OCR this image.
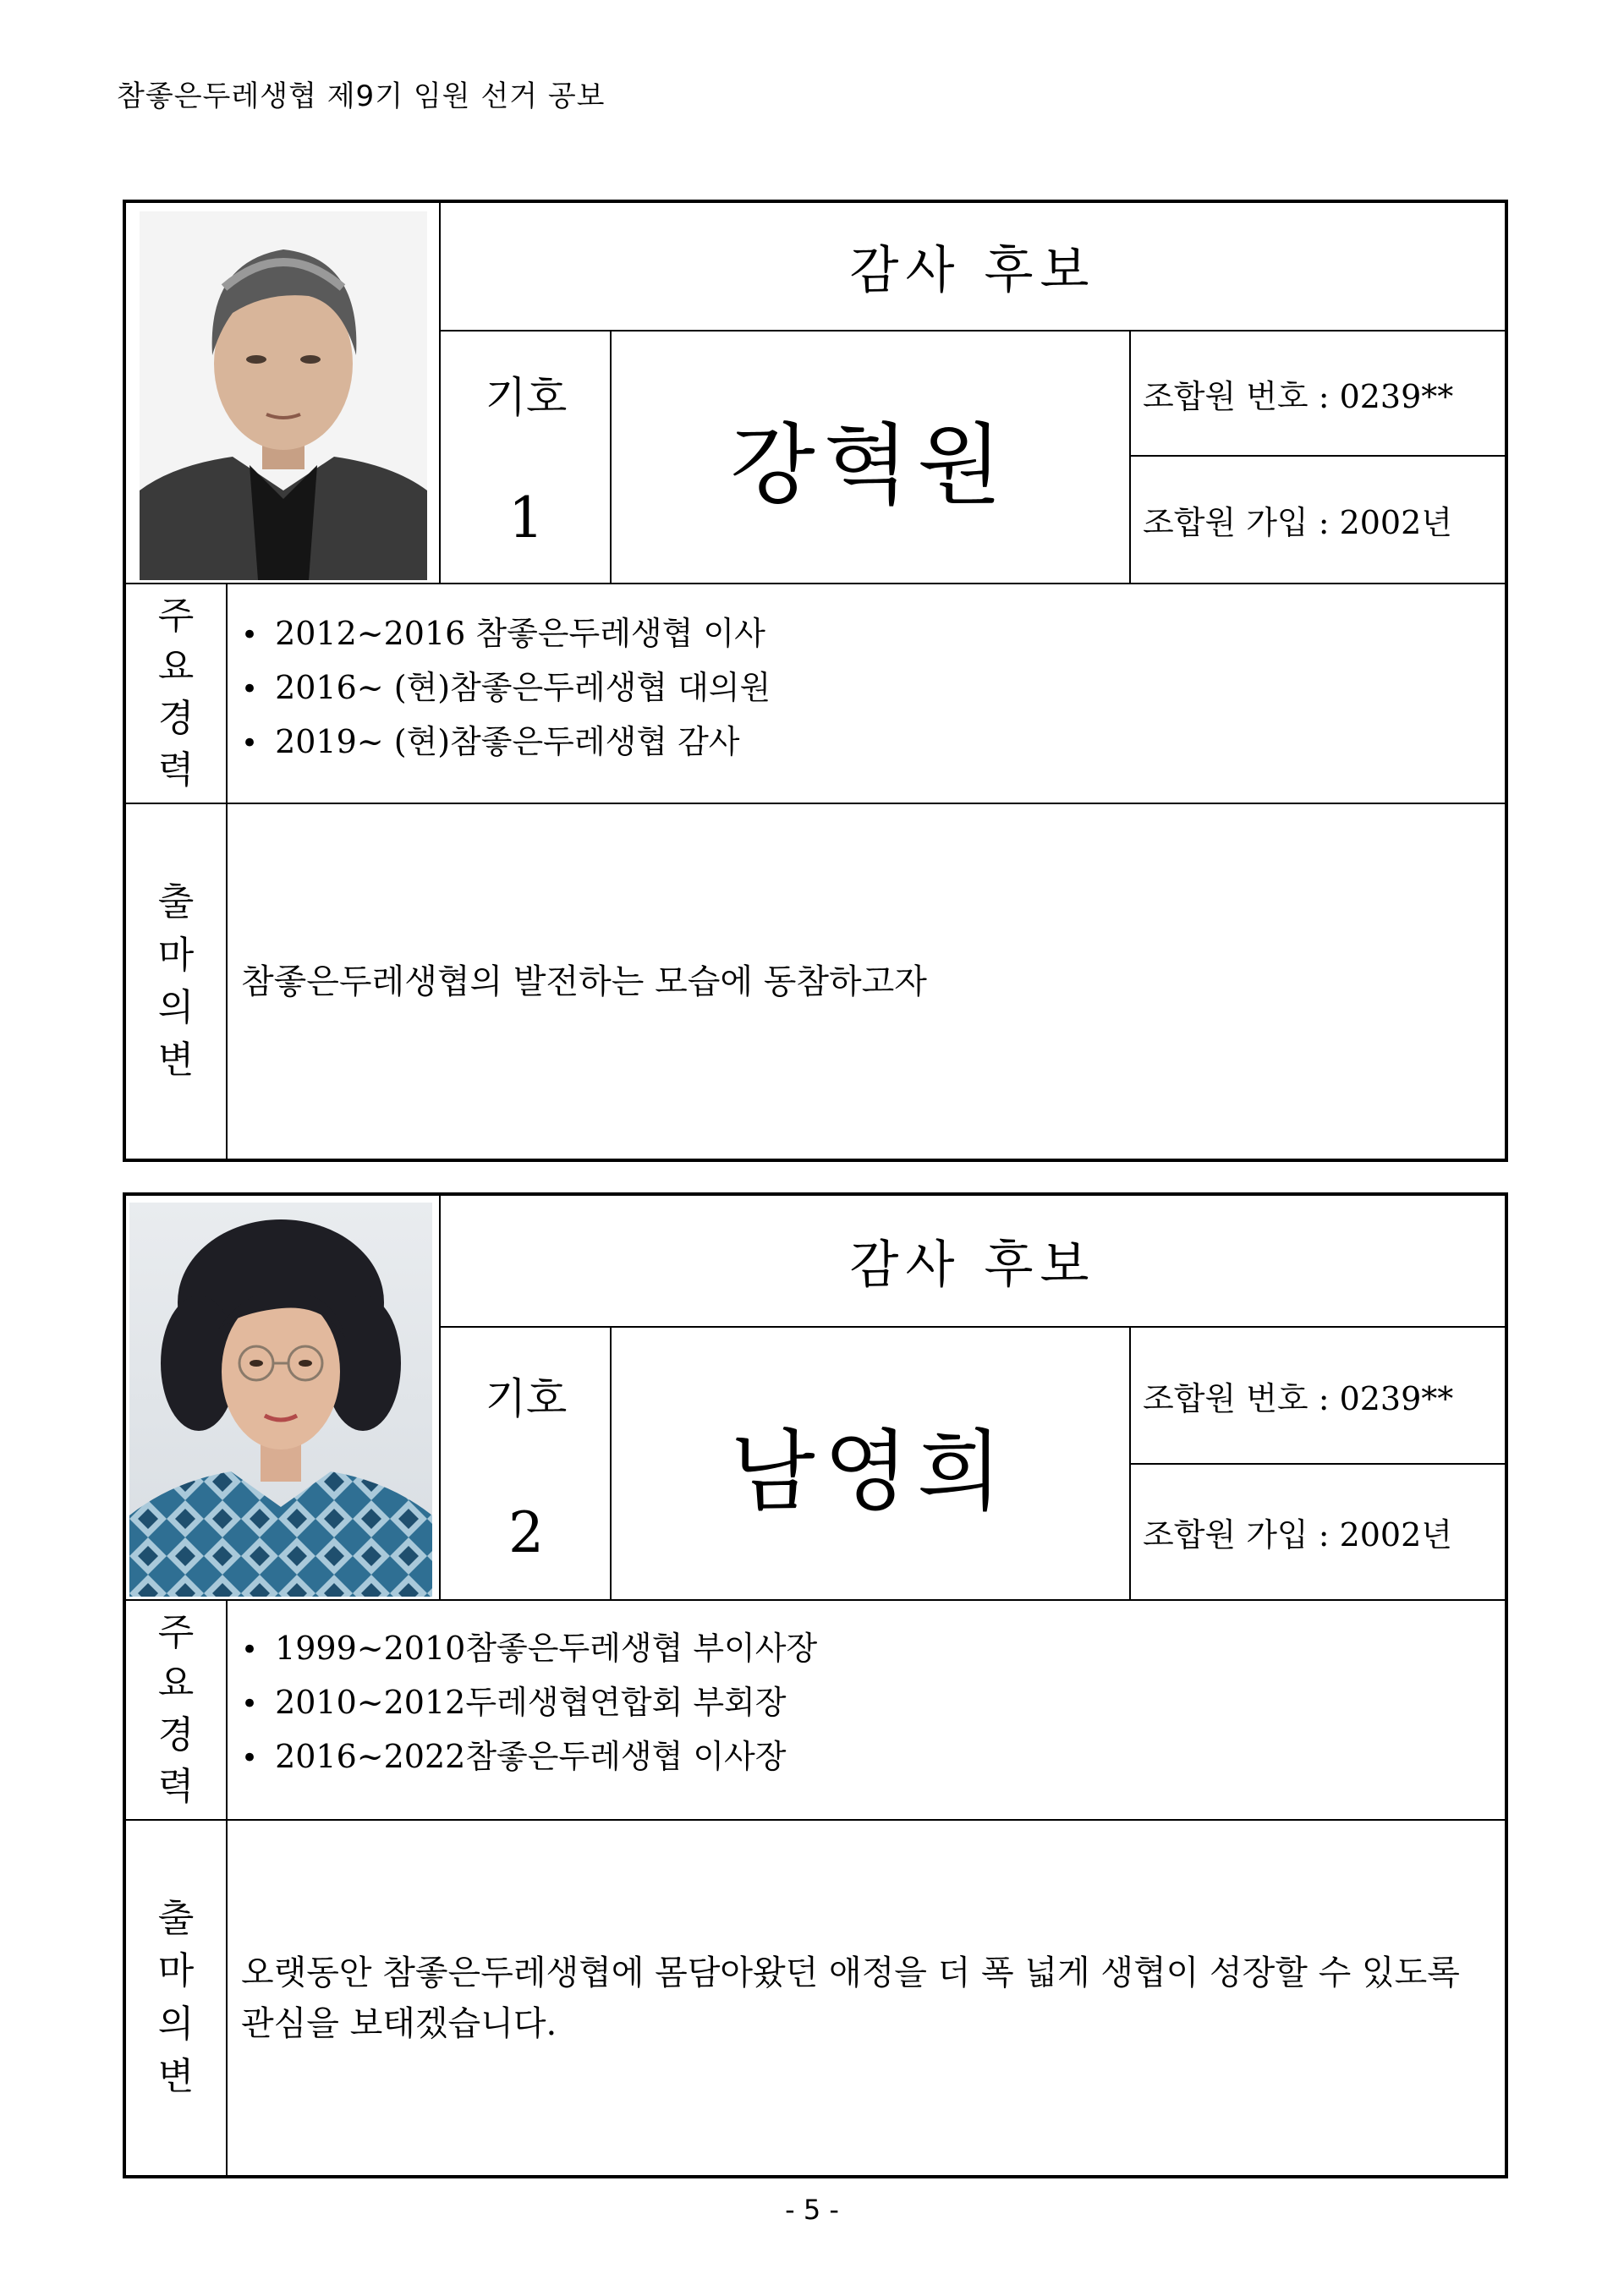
참좋은두레생협 제9기 임원 선거 공보
감사 후보
기호
1
강혁원
조합원 번호 : 0239**
조합원 가입 : 2002년
주
요
경
력
• 2012~2016 참좋은두레생협 이사
• 2016~ (현)참좋은두레생협 대의원
• 2019~ (현)참좋은두레생협 감사
출
마
의
변
참좋은두레생협의 발전하는 모습에 동참하고자
감사 후보
기호
2
남영희
조합원 번호 : 0239**
조합원 가입 : 2002년
주
요
경
력
• 1999~2010참좋은두레생협 부이사장
• 2010~2012두레생협연합회 부회장
• 2016~2022참좋은두레생협 이사장
출
마
의
변
오랫동안 참좋은두레생협에 몸담아왔던 애정을 더 폭 넓게 생협이 성장할 수 있도록 관심을 보태겠습니다.
- 5 -
